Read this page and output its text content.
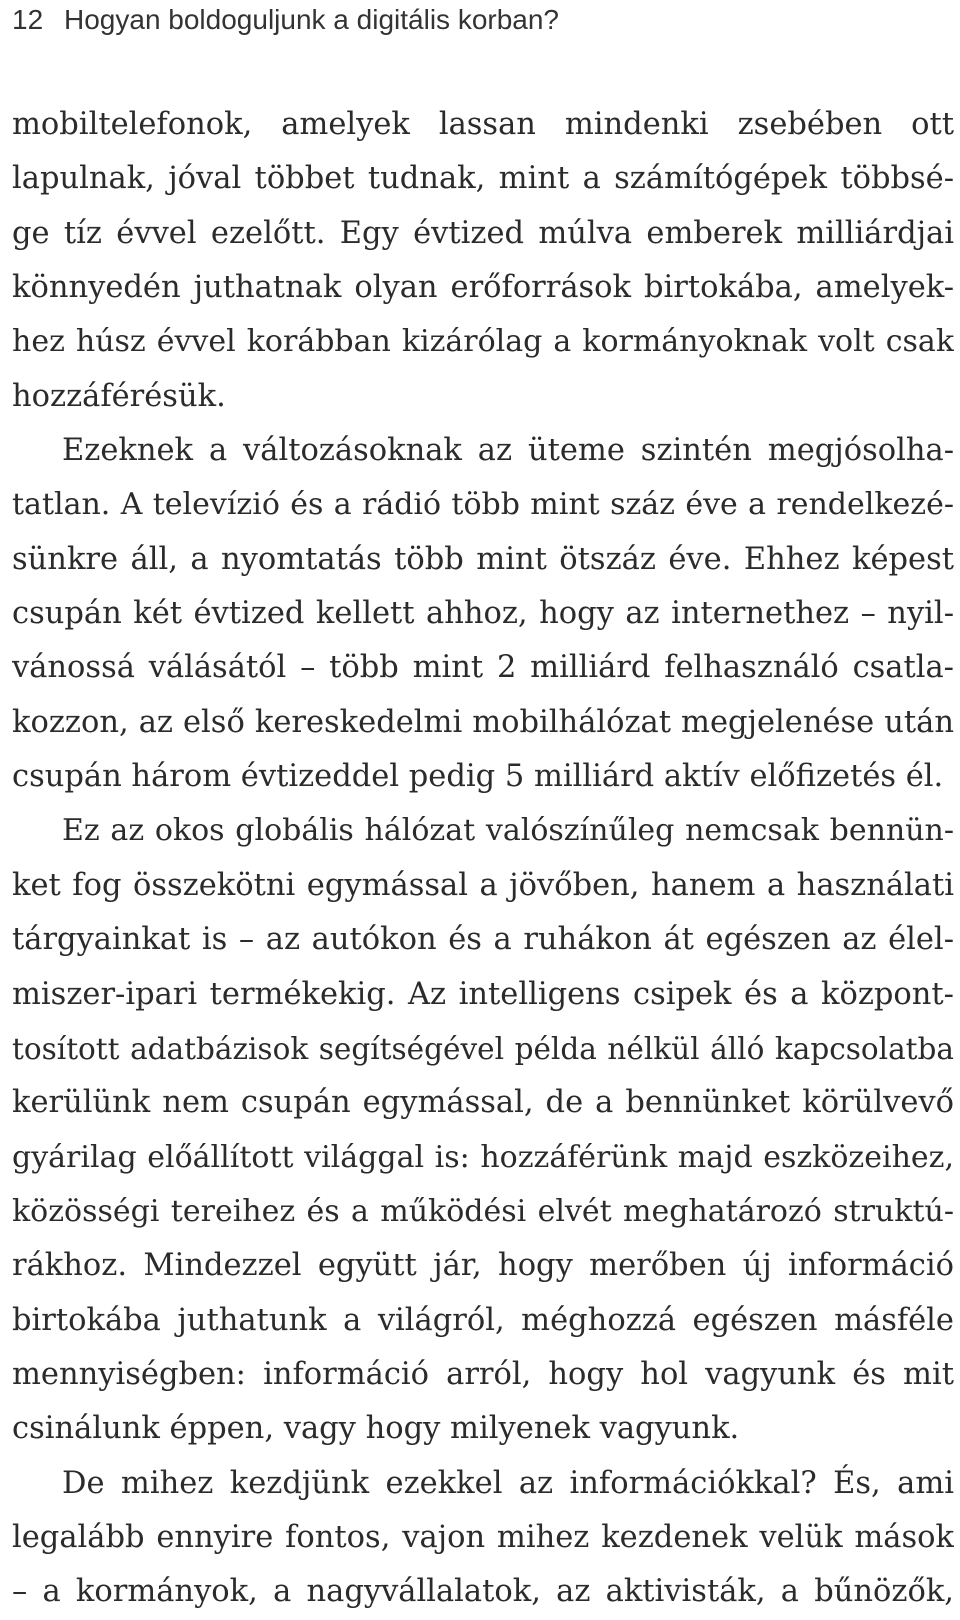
12 Hogyan boldoguljunk a digitális korban?
mobiltelefonok, amelyek lassan mindenki zsebében ott
lapulnak, jóval többet tudnak, mint a számítógépek többsé-
ge tíz évvel ezelőtt. Egy évtized múlva emberek milliárdjai
könnyedén juthatnak olyan erőforrások birtokába, amelyek-
hez húsz évvel korábban kizárólag a kormányoknak volt csak
hozzáférésük.
Ezeknek a változásoknak az üteme szintén megjósolha-
tatlan. A televízió és a rádió több mint száz éve a rendelkezé-
sünkre áll, a nyomtatás több mint ötszáz éve. Ehhez képest
csupán két évtized kellett ahhoz, hogy az internethez – nyil-
vánossá válásától – több mint 2 milliárd felhasználó csatla-
kozzon, az első kereskedelmi mobilhálózat megjelenése után
csupán három évtizeddel pedig 5 milliárd aktív előfizetés él.
Ez az okos globális hálózat valószínűleg nemcsak bennün-
ket fog összekötni egymással a jövőben, hanem a használati
tárgyainkat is – az autókon és a ruhákon át egészen az élel-
miszer-ipari termékekig. Az intelligens csipek és a központ-
tosított adatbázisok segítségével példa nélkül álló kapcsolatba
kerülünk nem csupán egymással, de a bennünket körülvevő
gyárilag előállított világgal is: hozzáférünk majd eszközeihez,
közösségi tereihez és a működési elvét meghatározó struktú-
rákhoz. Mindezzel együtt jár, hogy merőben új információ
birtokába juthatunk a világról, méghozzá egészen másféle
mennyiségben: információ arról, hogy hol vagyunk és mit
csinálunk éppen, vagy hogy milyenek vagyunk.
De mihez kezdjünk ezekkel az információkkal? És, ami
legalább ennyire fontos, vajon mihez kezdenek velük mások
– a kormányok, a nagyvállalatok, az aktivisták, a bűnözők,
